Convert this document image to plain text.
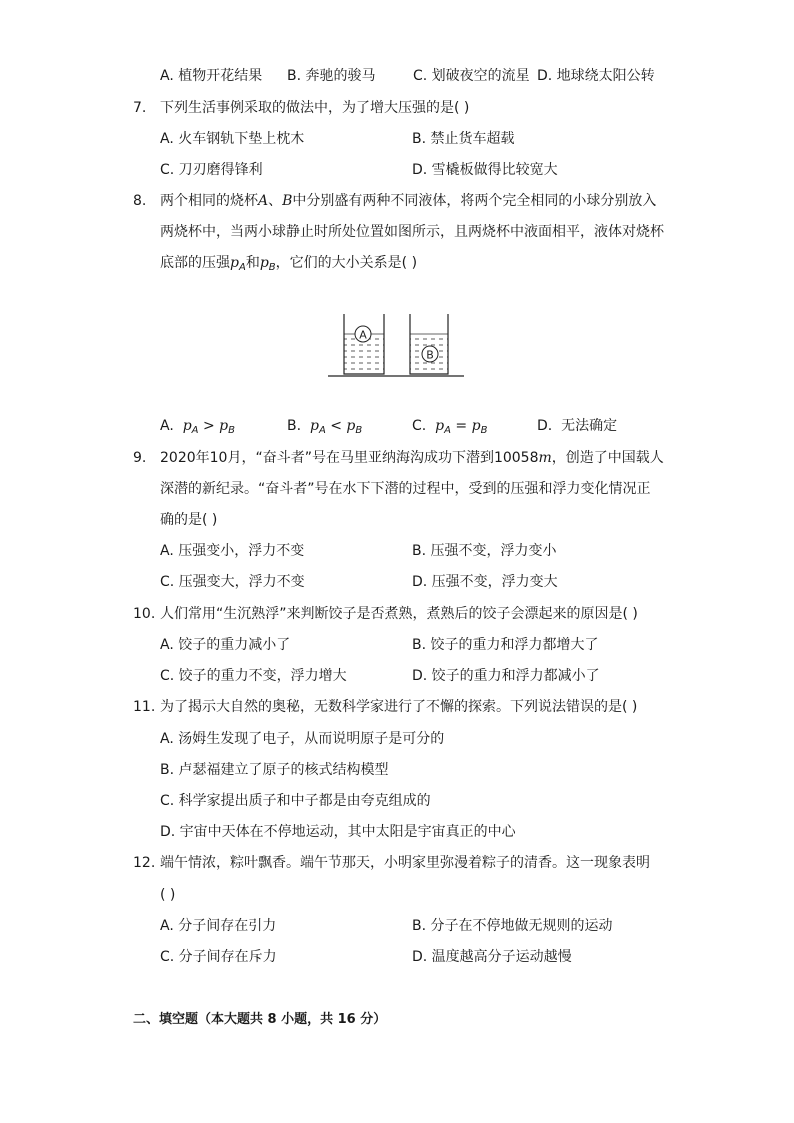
A. 植物开花结果 B. 奔驰的骏马	C. 划破夜空的流星 D. 地球绕太阳公转
7. 下列生活事例采取的做法中，为了增大压强的是( )
A. 火车钢轨下垫上枕木	B. 禁止货车超载
C. 刀刃磨得锋利	D. 雪橇板做得比较宽大
8. 两个相同的烧杯A、B中分别盛有两种不同液体，将两个完全相同的小球分别放入
两烧杯中，当两小球静止时所处位置如图所示，且两烧杯中液面相平，液体对烧杯
底部的压强$p_A$和$p_B$，它们的大小关系是( )
A
B
A. $p_A > p_B$	B. $p_A < p_B$	C. $p_A = p_B$	D. 无法确定
9. 2020年10月，“奋斗者”号在马里亚纳海沟成功下潜到10058m，创造了中国载人
深潜的新纪录。“奋斗者”号在水下下潜的过程中，受到的压强和浮力变化情况正
确的是( )
A. 压强变小，浮力不变	B. 压强不变，浮力变小
C. 压强变大，浮力不变	D. 压强不变，浮力变大
10. 人们常用“生沉熟浮”来判断饺子是否煮熟，煮熟后的饺子会漂起来的原因是( )
A. 饺子的重力减小了	B. 饺子的重力和浮力都增大了
C. 饺子的重力不变，浮力增大	D. 饺子的重力和浮力都减小了
11. 为了揭示大自然的奥秘，无数科学家进行了不懈的探索。下列说法错误的是( )
A. 汤姆生发现了电子，从而说明原子是可分的
B. 卢瑟福建立了原子的核式结构模型
C. 科学家提出质子和中子都是由夸克组成的
D. 宇宙中天体在不停地运动，其中太阳是宇宙真正的中心
12. 端午情浓，粽叶飘香。端午节那天，小明家里弥漫着粽子的清香。这一现象表明
( )
A. 分子间存在引力	B. 分子在不停地做无规则的运动
C. 分子间存在斥力	D. 温度越高分子运动越慢
二、填空题（本大题共 8 小题，共 16 分）
